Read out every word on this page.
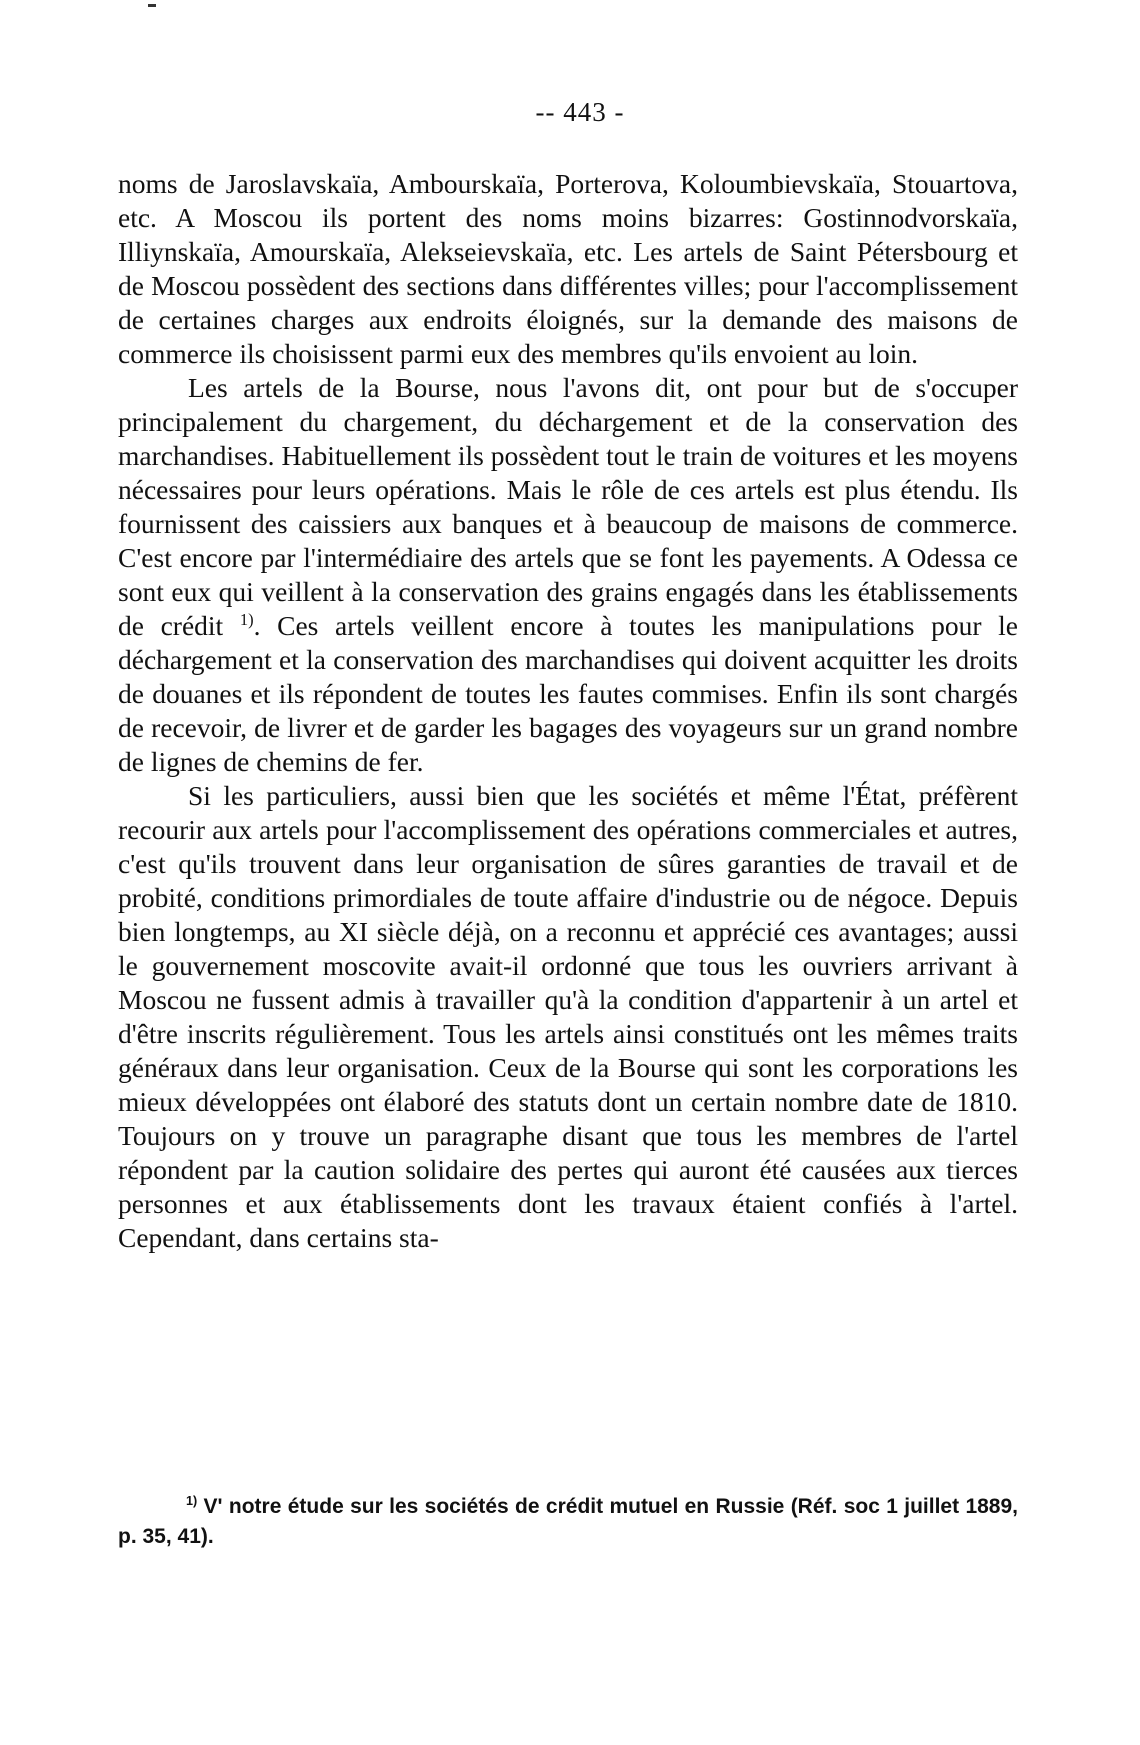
-- 443 -

noms de Jaroslavskaïa, Ambourskaïa, Porterova, Koloumbievskaïa, Stouartova, etc. A Moscou ils portent des noms moins bizarres: Gostinnodvorskaïa, Illiynskaïa, Amourskaïa, Alekseievskaïa, etc. Les artels de Saint Pétersbourg et de Moscou possèdent des sections dans différentes villes; pour l'accomplissement de certaines charges aux endroits éloignés, sur la demande des maisons de commerce ils choisissent parmi eux des membres qu'ils envoient au loin.

Les artels de la Bourse, nous l'avons dit, ont pour but de s'occuper principalement du chargement, du déchargement et de la conservation des marchandises. Habituellement ils possèdent tout le train de voitures et les moyens nécessaires pour leurs opérations. Mais le rôle de ces artels est plus étendu. Ils fournissent des caissiers aux banques et à beaucoup de maisons de commerce. C'est encore par l'intermédiaire des artels que se font les payements. A Odessa ce sont eux qui veillent à la conservation des grains engagés dans les établissements de crédit $^{1)}$. Ces artels veillent encore à toutes les manipulations pour le déchargement et la conservation des marchandises qui doivent acquitter les droits de douanes et ils répondent de toutes les fautes commises. Enfin ils sont chargés de recevoir, de livrer et de garder les bagages des voyageurs sur un grand nombre de lignes de chemins de fer.

Si les particuliers, aussi bien que les sociétés et même l'État, préfèrent recourir aux artels pour l'accomplissement des opérations commerciales et autres, c'est qu'ils trouvent dans leur organisation de sûres garanties de travail et de probité, conditions primordiales de toute affaire d'industrie ou de négoce. Depuis bien longtemps, au XI siècle déjà, on a reconnu et apprécié ces avantages; aussi le gouvernement moscovite avait-il ordonné que tous les ouvriers arrivant à Moscou ne fussent admis à travailler qu'à la condition d'appartenir à un artel et d'être inscrits régulièrement. Tous les artels ainsi constitués ont les mêmes traits généraux dans leur organisation. Ceux de la Bourse qui sont les corporations les mieux développées ont élaboré des statuts dont un certain nombre date de 1810. Toujours on y trouve un paragraphe disant que tous les membres de l'artel répondent par la caution solidaire des pertes qui auront été causées aux tierces personnes et aux établissements dont les travaux étaient confiés à l'artel. Cependant, dans certains sta-

$^{1)}$ V' notre étude sur les sociétés de crédit mutuel en Russie (Réf. soc 1 juillet 1889, p. 35, 41).
